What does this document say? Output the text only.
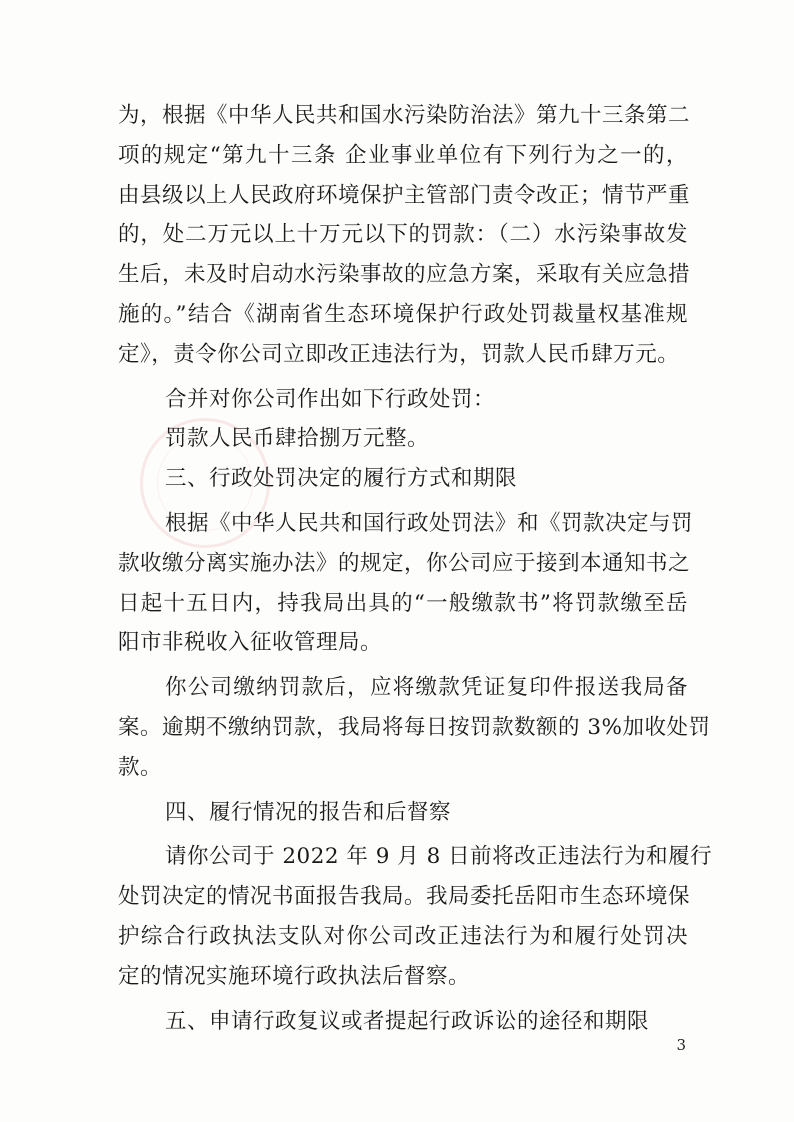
为，根据《中华人民共和国水污染防治法》第九十三条第二
项的规定“第九十三条 企业事业单位有下列行为之一的，
由县级以上人民政府环境保护主管部门责令改正；情节严重
的，处二万元以上十万元以下的罚款：（二）水污染事故发
生后，未及时启动水污染事故的应急方案，采取有关应急措
施的。”结合《湖南省生态环境保护行政处罚裁量权基准规
定》，责令你公司立即改正违法行为，罚款人民币肆万元。
合并对你公司作出如下行政处罚：
罚款人民币肆拾捌万元整。
三、行政处罚决定的履行方式和期限
根据《中华人民共和国行政处罚法》和《罚款决定与罚
款收缴分离实施办法》的规定，你公司应于接到本通知书之
日起十五日内，持我局出具的“一般缴款书”将罚款缴至岳
阳市非税收入征收管理局。
你公司缴纳罚款后，应将缴款凭证复印件报送我局备
案。逾期不缴纳罚款，我局将每日按罚款数额的 3%加收处罚
款。
四、履行情况的报告和后督察
请你公司于 2022 年 9 月 8 日前将改正违法行为和履行
处罚决定的情况书面报告我局。我局委托岳阳市生态环境保
护综合行政执法支队对你公司改正违法行为和履行处罚决
定的情况实施环境行政执法后督察。
五、申请行政复议或者提起行政诉讼的途径和期限
3
